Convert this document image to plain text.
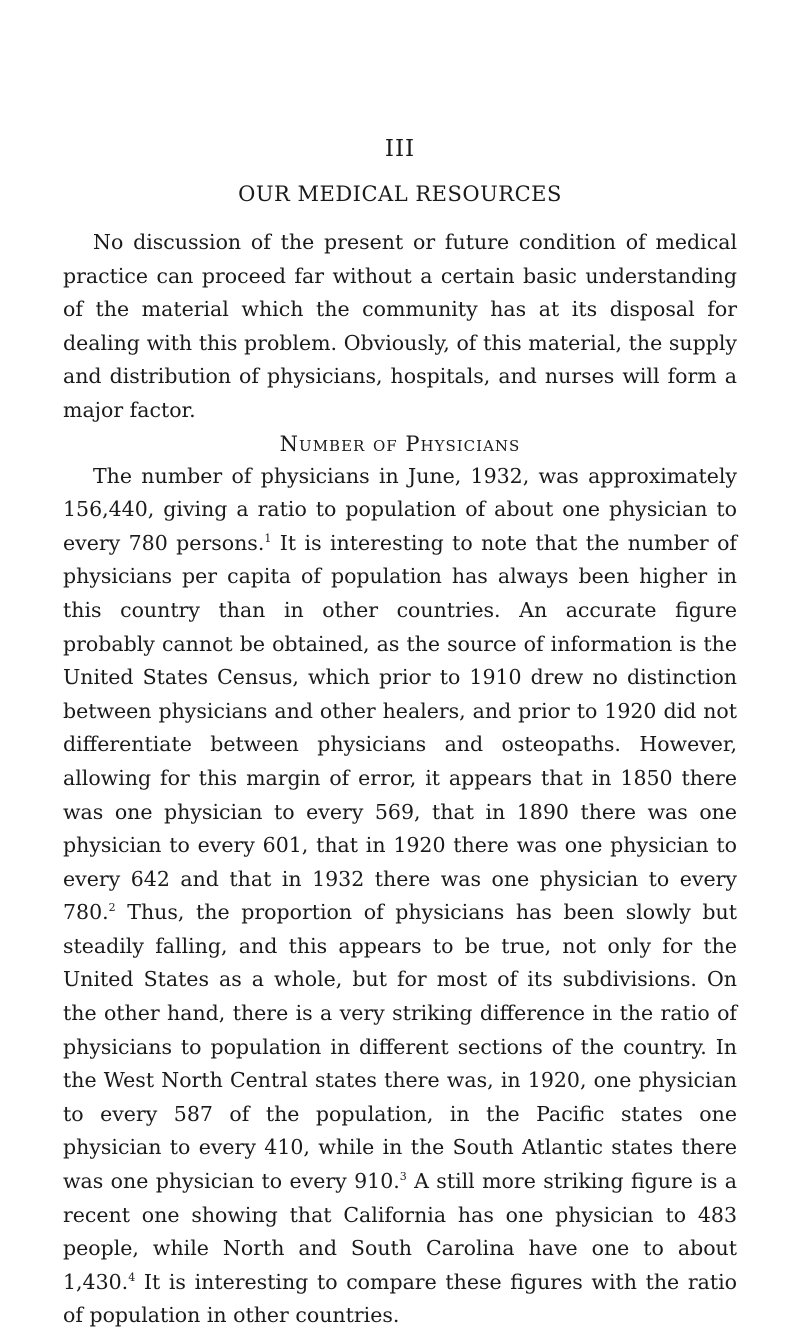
III
OUR MEDICAL RESOURCES

No discussion of the present or future condition of medical practice can proceed far without a certain basic understanding of the material which the community has at its disposal for dealing with this problem. Obviously, of this material, the supply and distribution of physicians, hospitals, and nurses will form a major factor.

Number of Physicians

The number of physicians in June, 1932, was approximately 156,440, giving a ratio to population of about one physician to every 780 persons.$^1$ It is interesting to note that the number of physicians per capita of population has always been higher in this country than in other countries. An accurate figure probably cannot be obtained, as the source of information is the United States Census, which prior to 1910 drew no distinction between physicians and other healers, and prior to 1920 did not differentiate between physicians and osteopaths. However, allowing for this margin of error, it appears that in 1850 there was one physician to every 569, that in 1890 there was one physician to every 601, that in 1920 there was one physician to every 642 and that in 1932 there was one physician to every 780.$^2$ Thus, the proportion of physicians has been slowly but steadily falling, and this appears to be true, not only for the United States as a whole, but for most of its subdivisions. On the other hand, there is a very striking difference in the ratio of physicians to population in different sections of the country. In the West North Central states there was, in 1920, one physician to every 587 of the population, in the Pacific states one physician to every 410, while in the South Atlantic states there was one physician to every 910.$^3$ A still more striking figure is a recent one showing that California has one physician to 483 people, while North and South Carolina have one to about 1,430.$^4$ It is interesting to compare these figures with the ratio of population in other countries.
